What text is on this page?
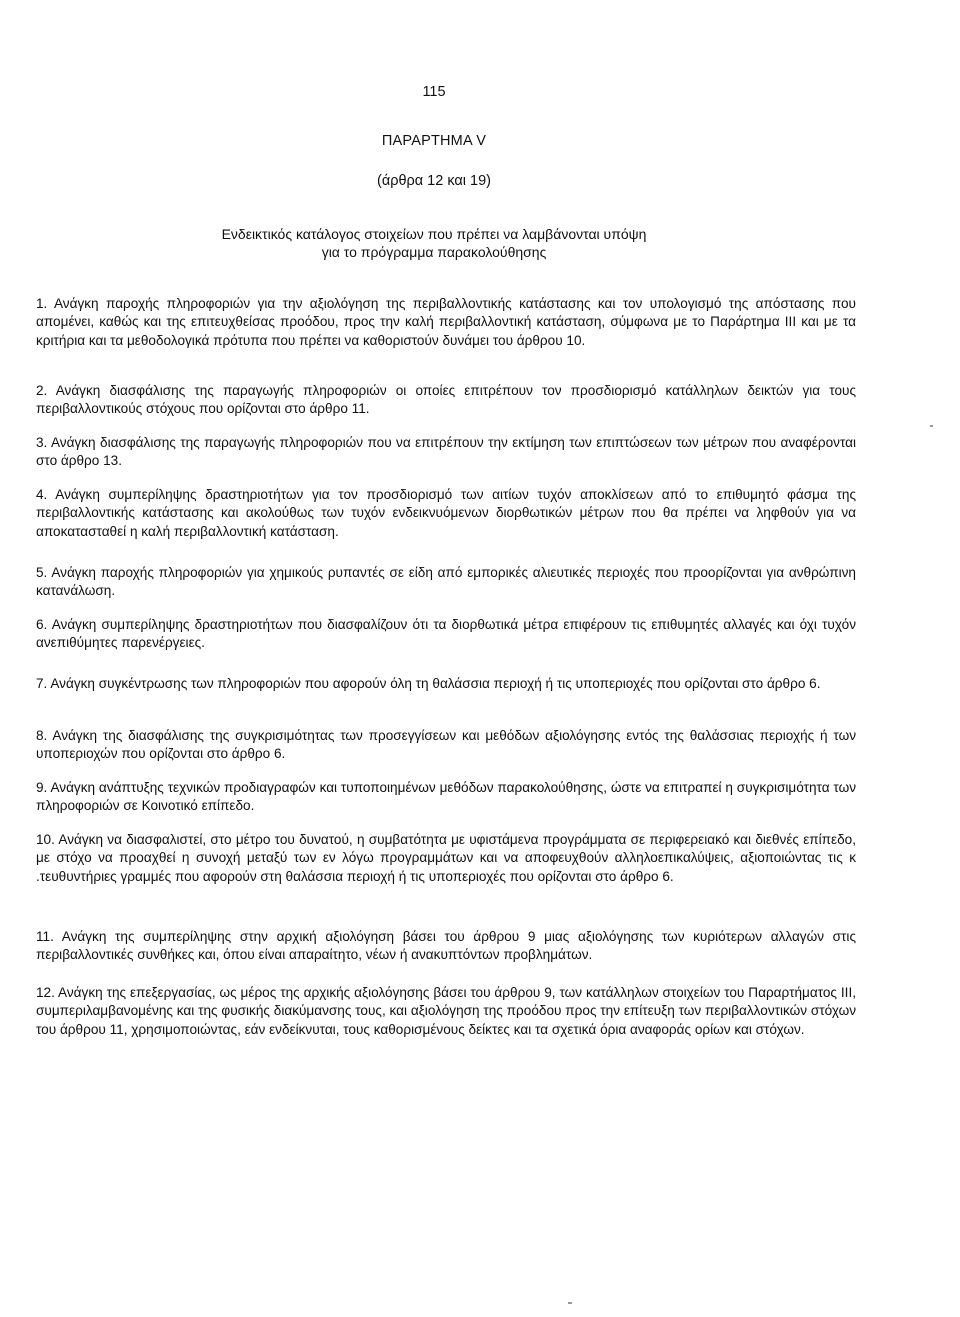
115
ΠΑΡΑΡΤΗΜΑ V
(άρθρα 12 και 19)
Ενδεικτικός κατάλογος στοιχείων που πρέπει να λαμβάνονται υπόψη
για το πρόγραμμα παρακολούθησης

1. Ανάγκη παροχής πληροφοριών για την αξιολόγηση της περιβαλλοντικής κατάστασης και τον υπολογισμό της απόστασης που απομένει, καθώς και της επιτευχθείσας προόδου, προς την καλή περιβαλλοντική κατάσταση, σύμφωνα με το Παράρτημα III και με τα κριτήρια και τα μεθοδολογικά πρότυπα που πρέπει να καθοριστούν δυνάμει του άρθρου 10.

2. Ανάγκη διασφάλισης της παραγωγής πληροφοριών οι οποίες επιτρέπουν τον προσδιορισμό κατάλληλων δεικτών για τους περιβαλλοντικούς στόχους που ορίζονται στο άρθρο 11.

3. Ανάγκη διασφάλισης της παραγωγής πληροφοριών που να επιτρέπουν την εκτίμηση των επιπτώσεων των μέτρων που αναφέρονται στο άρθρο 13.

4. Ανάγκη συμπερίληψης δραστηριοτήτων για τον προσδιορισμό των αιτίων τυχόν αποκλίσεων από το επιθυμητό φάσμα της περιβαλλοντικής κατάστασης και ακολούθως των τυχόν ενδεικνυόμενων διορθωτικών μέτρων που θα πρέπει να ληφθούν για να αποκατασταθεί η καλή περιβαλλοντική κατάσταση.

5. Ανάγκη παροχής πληροφοριών για χημικούς ρυπαντές σε είδη από εμπορικές αλιευτικές περιοχές που προορίζονται για ανθρώπινη κατανάλωση.

6. Ανάγκη συμπερίληψης δραστηριοτήτων που διασφαλίζουν ότι τα διορθωτικά μέτρα επιφέρουν τις επιθυμητές αλλαγές και όχι τυχόν ανεπιθύμητες παρενέργειες.

7. Ανάγκη συγκέντρωσης των πληροφοριών που αφορούν όλη τη θαλάσσια περιοχή ή τις υποπεριοχές που ορίζονται στο άρθρο 6.

8. Ανάγκη της διασφάλισης της συγκρισιμότητας των προσεγγίσεων και μεθόδων αξιολόγησης εντός της θαλάσσιας περιοχής ή των υποπεριοχών που ορίζονται στο άρθρο 6.

9. Ανάγκη ανάπτυξης τεχνικών προδιαγραφών και τυποποιημένων μεθόδων παρακολούθησης, ώστε να επιτραπεί η συγκρισιμότητα των πληροφοριών σε Κοινοτικό επίπεδο.

10. Ανάγκη να διασφαλιστεί, στο μέτρο του δυνατού, η συμβατότητα με υφιστάμενα προγράμματα σε περιφερειακό και διεθνές επίπεδο, με στόχο να προαχθεί η συνοχή μεταξύ των εν λόγω προγραμμάτων και να αποφευχθούν αλληλοεπικαλύψεις, αξιοποιώντας τις κ .τευθυντήριες γραμμές που αφορούν στη θαλάσσια περιοχή ή τις υποπεριοχές που ορίζονται στο άρθρο 6.

11. Ανάγκη της συμπερίληψης στην αρχική αξιολόγηση βάσει του άρθρου 9 μιας αξιολόγησης των κυριότερων αλλαγών στις περιβαλλοντικές συνθήκες και, όπου είναι απαραίτητο, νέων ή ανακυπτόντων προβλημάτων.

12. Ανάγκη της επεξεργασίας, ως μέρος της αρχικής αξιολόγησης βάσει του άρθρου 9, των κατάλληλων στοιχείων του Παραρτήματος III, συμπεριλαμβανομένης και της φυσικής διακύμανσης τους, και αξιολόγηση της προόδου προς την επίτευξη των περιβαλλοντικών στόχων του άρθρου 11, χρησιμοποιώντας, εάν ενδείκνυται, τους καθορισμένους δείκτες και τα σχετικά όρια αναφοράς ορίων και στόχων.
